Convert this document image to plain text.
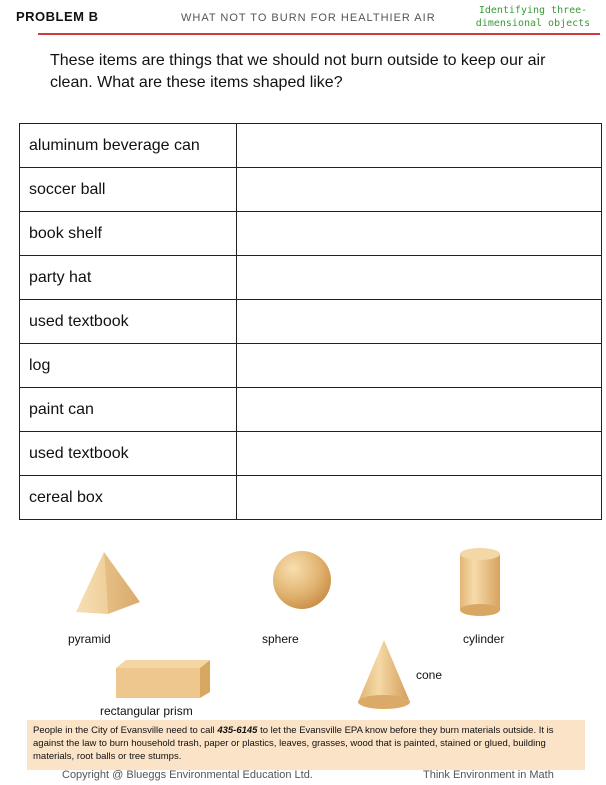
PROBLEM B	WHAT NOT TO BURN FOR HEALTHIER AIR
Identifying three-
dimensional objects
These items are things that we should not burn outside to keep our air clean. What are these items shaped like?
aluminum beverage can	
soccer ball	
book shelf	
party hat	
used textbook	
log	
paint can	
used textbook	
cereal box	
pyramid	sphere	cylinder
cone
rectangular prism
People in the City of Evansville need to call 435-6145 to let the Evansville EPA know before they burn materials outside. It is against the law to burn household trash, paper or plastics, leaves, grasses, wood that is painted, stained or glued, building materials, root balls or tree stumps.
Copyright @ Blueggs Environmental Education Ltd.	Think Environment in Math
